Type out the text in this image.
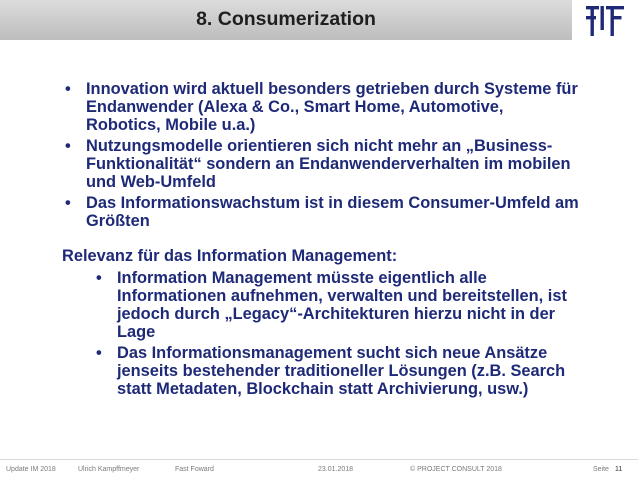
8. Consumerization
• Innovation wird aktuell besonders getrieben durch Systeme für Endanwender (Alexa & Co., Smart Home, Automotive, Robotics, Mobile u.a.)
• Nutzungsmodelle orientieren sich nicht mehr an „Business-Funktionalität“ sondern an Endanwenderverhalten im mobilen und Web-Umfeld
• Das Informationswachstum ist in diesem Consumer-Umfeld am Größten
Relevanz für das Information Management:
• Information Management müsste eigentlich alle Informationen aufnehmen, verwalten und bereitstellen, ist jedoch durch „Legacy“-Architekturen hierzu nicht in der Lage
• Das Informationsmanagement sucht sich neue Ansätze jenseits bestehender traditioneller Lösungen (z.B. Search statt Metadaten, Blockchain statt Archivierung, usw.)
Update IM 2018	Ulrich Kampffmeyer	Fast Foward	23.01.2018	© PROJECT CONSULT 2018	Seite 11
